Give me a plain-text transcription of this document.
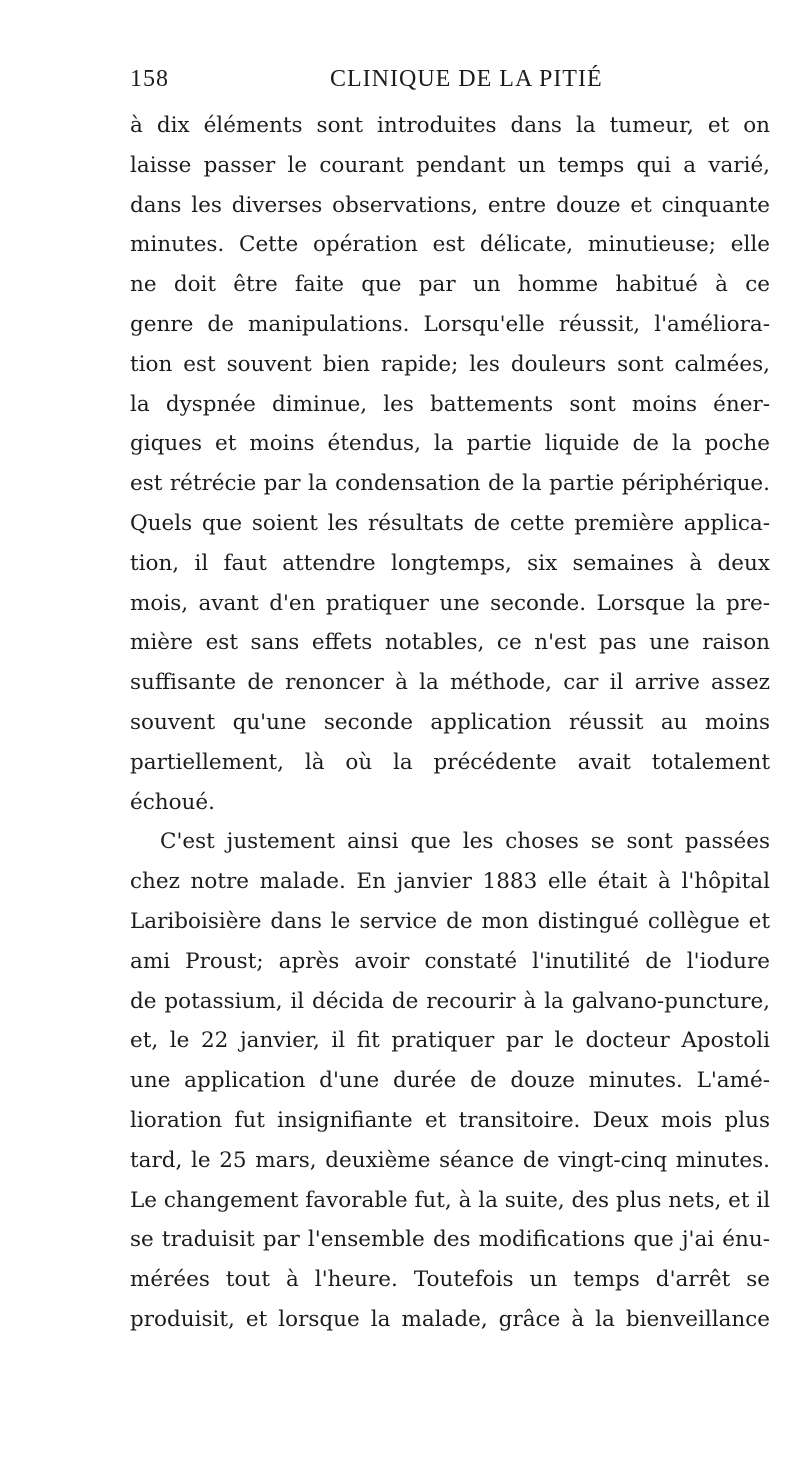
158	CLINIQUE DE LA PITIÉ
à dix éléments sont introduites dans la tumeur, et on
laisse passer le courant pendant un temps qui a varié,
dans les diverses observations, entre douze et cinquante
minutes. Cette opération est délicate, minutieuse; elle
ne doit être faite que par un homme habitué à ce
genre de manipulations. Lorsqu'elle réussit, l'améliora-
tion est souvent bien rapide; les douleurs sont calmées,
la dyspnée diminue, les battements sont moins éner-
giques et moins étendus, la partie liquide de la poche
est rétrécie par la condensation de la partie périphérique.
Quels que soient les résultats de cette première applica-
tion, il faut attendre longtemps, six semaines à deux
mois, avant d'en pratiquer une seconde. Lorsque la pre-
mière est sans effets notables, ce n'est pas une raison
suffisante de renoncer à la méthode, car il arrive assez
souvent qu'une seconde application réussit au moins
partiellement, là où la précédente avait totalement
échoué.
C'est justement ainsi que les choses se sont passées
chez notre malade. En janvier 1883 elle était à l'hôpital
Lariboisière dans le service de mon distingué collègue et
ami Proust; après avoir constaté l'inutilité de l'iodure
de potassium, il décida de recourir à la galvano-puncture,
et, le 22 janvier, il fit pratiquer par le docteur Apostoli
une application d'une durée de douze minutes. L'amé-
lioration fut insignifiante et transitoire. Deux mois plus
tard, le 25 mars, deuxième séance de vingt-cinq minutes.
Le changement favorable fut, à la suite, des plus nets, et il
se traduisit par l'ensemble des modifications que j'ai énu-
mérées tout à l'heure. Toutefois un temps d'arrêt se
produisit, et lorsque la malade, grâce à la bienveillance
